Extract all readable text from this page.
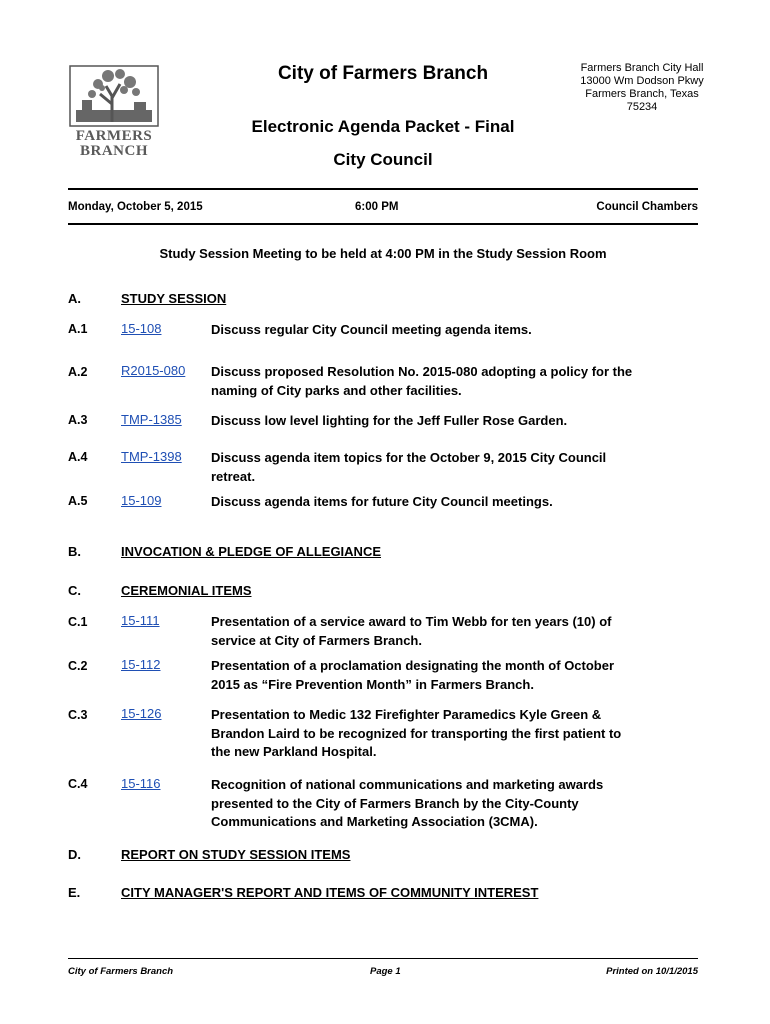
FARMERS
BRANCH
City of Farmers Branch
Electronic Agenda Packet - Final
City Council
Farmers Branch City Hall
13000 Wm Dodson Pkwy
Farmers Branch, Texas
75234
Monday, October 5, 2015	6:00 PM	Council Chambers
Study Session Meeting to be held at 4:00 PM in the Study Session Room
A.	STUDY SESSION
A.1	15-108	Discuss regular City Council meeting agenda items.
A.2	R2015-080 Discuss proposed Resolution No. 2015-080 adopting a policy for the naming of City parks and other facilities.
A.3	TMP-1385 Discuss low level lighting for the Jeff Fuller Rose Garden.
A.4	TMP-1398 Discuss agenda item topics for the October 9, 2015 City Council retreat.
A.5	15-109	Discuss agenda items for future City Council meetings.
B.	INVOCATION & PLEDGE OF ALLEGIANCE
C.	CEREMONIAL ITEMS
C.1	15-111	Presentation of a service award to Tim Webb for ten years (10) of service at City of Farmers Branch.
C.2	15-112	Presentation of a proclamation designating the month of October 2015 as “Fire Prevention Month” in Farmers Branch.
C.3	15-126	Presentation to Medic 132 Firefighter Paramedics Kyle Green & Brandon Laird to be recognized for transporting the first patient to the new Parkland Hospital.
C.4	15-116	Recognition of national communications and marketing awards presented to the City of Farmers Branch by the City-County Communications and Marketing Association (3CMA).
D.	REPORT ON STUDY SESSION ITEMS
E.	CITY MANAGER'S REPORT AND ITEMS OF COMMUNITY INTEREST
City of Farmers Branch	Page 1	Printed on 10/1/2015
